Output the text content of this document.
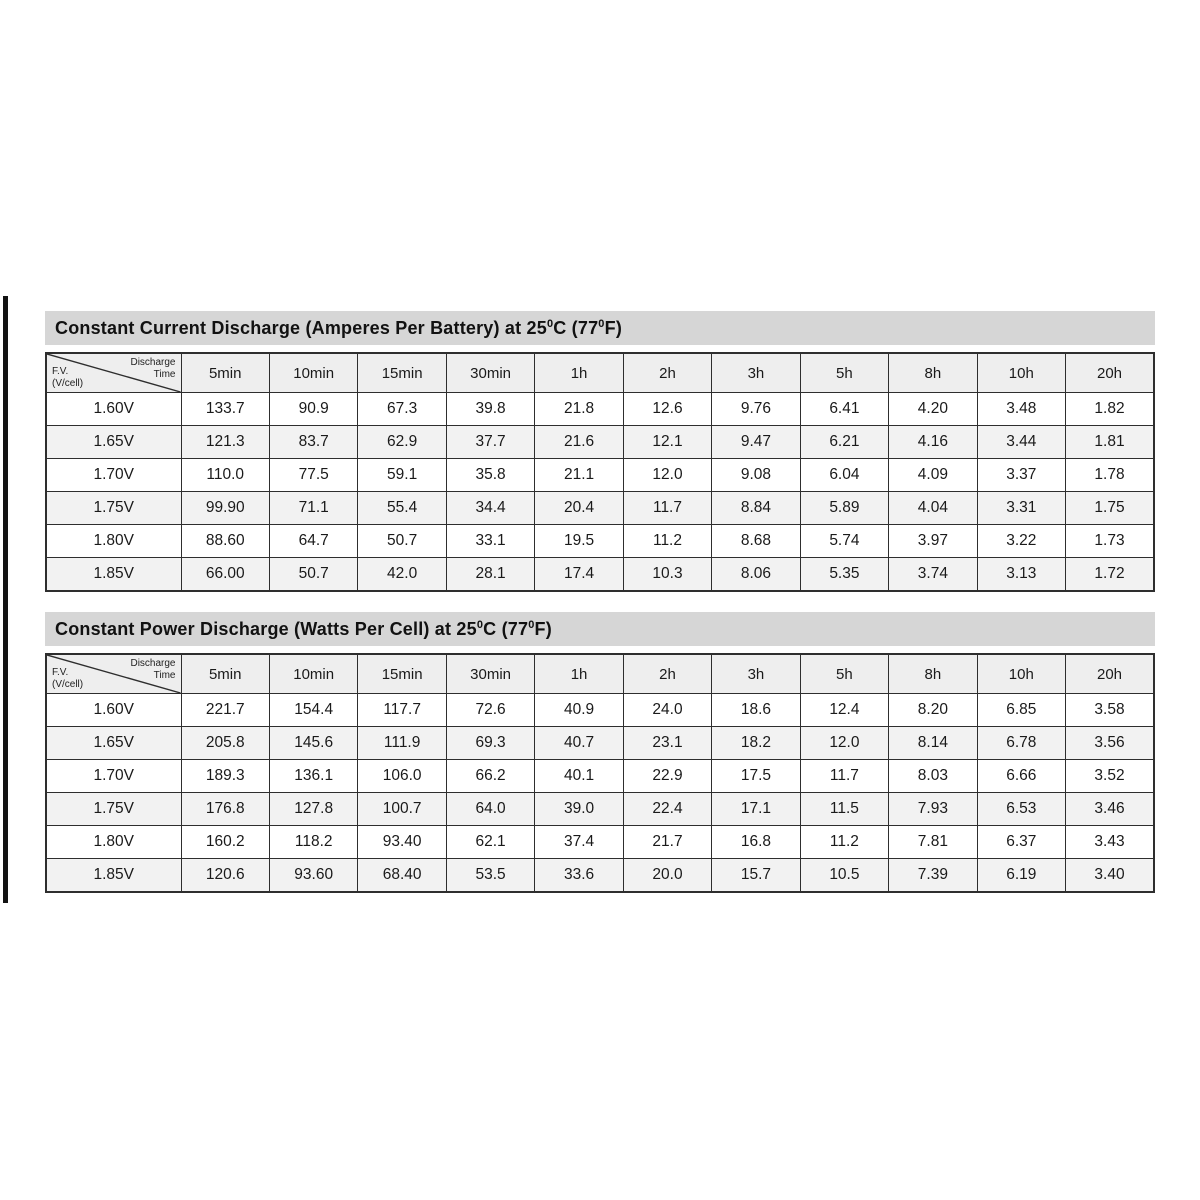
Constant Current Discharge (Amperes Per Battery) at $25^0C$ $(77^0F)$
Discharge
Time
F.V.
(V/cell)	5min	10min	15min	30min	1h	2h	3h	5h	8h	10h	20h
1.60V	133.7	90.9	67.3	39.8	21.8	12.6	9.76	6.41	4.20	3.48	1.82
1.65V	121.3	83.7	62.9	37.7	21.6	12.1	9.47	6.21	4.16	3.44	1.81
1.70V	110.0	77.5	59.1	35.8	21.1	12.0	9.08	6.04	4.09	3.37	1.78
1.75V	99.90	71.1	55.4	34.4	20.4	11.7	8.84	5.89	4.04	3.31	1.75
1.80V	88.60	64.7	50.7	33.1	19.5	11.2	8.68	5.74	3.97	3.22	1.73
1.85V	66.00	50.7	42.0	28.1	17.4	10.3	8.06	5.35	3.74	3.13	1.72
Constant Power Discharge (Watts Per Cell) at $25^0C$ $(77^0F)$
Discharge
Time
F.V.
(V/cell)	5min	10min	15min	30min	1h	2h	3h	5h	8h	10h	20h
1.60V	221.7	154.4	117.7	72.6	40.9	24.0	18.6	12.4	8.20	6.85	3.58
1.65V	205.8	145.6	111.9	69.3	40.7	23.1	18.2	12.0	8.14	6.78	3.56
1.70V	189.3	136.1	106.0	66.2	40.1	22.9	17.5	11.7	8.03	6.66	3.52
1.75V	176.8	127.8	100.7	64.0	39.0	22.4	17.1	11.5	7.93	6.53	3.46
1.80V	160.2	118.2	93.40	62.1	37.4	21.7	16.8	11.2	7.81	6.37	3.43
1.85V	120.6	93.60	68.40	53.5	33.6	20.0	15.7	10.5	7.39	6.19	3.40
